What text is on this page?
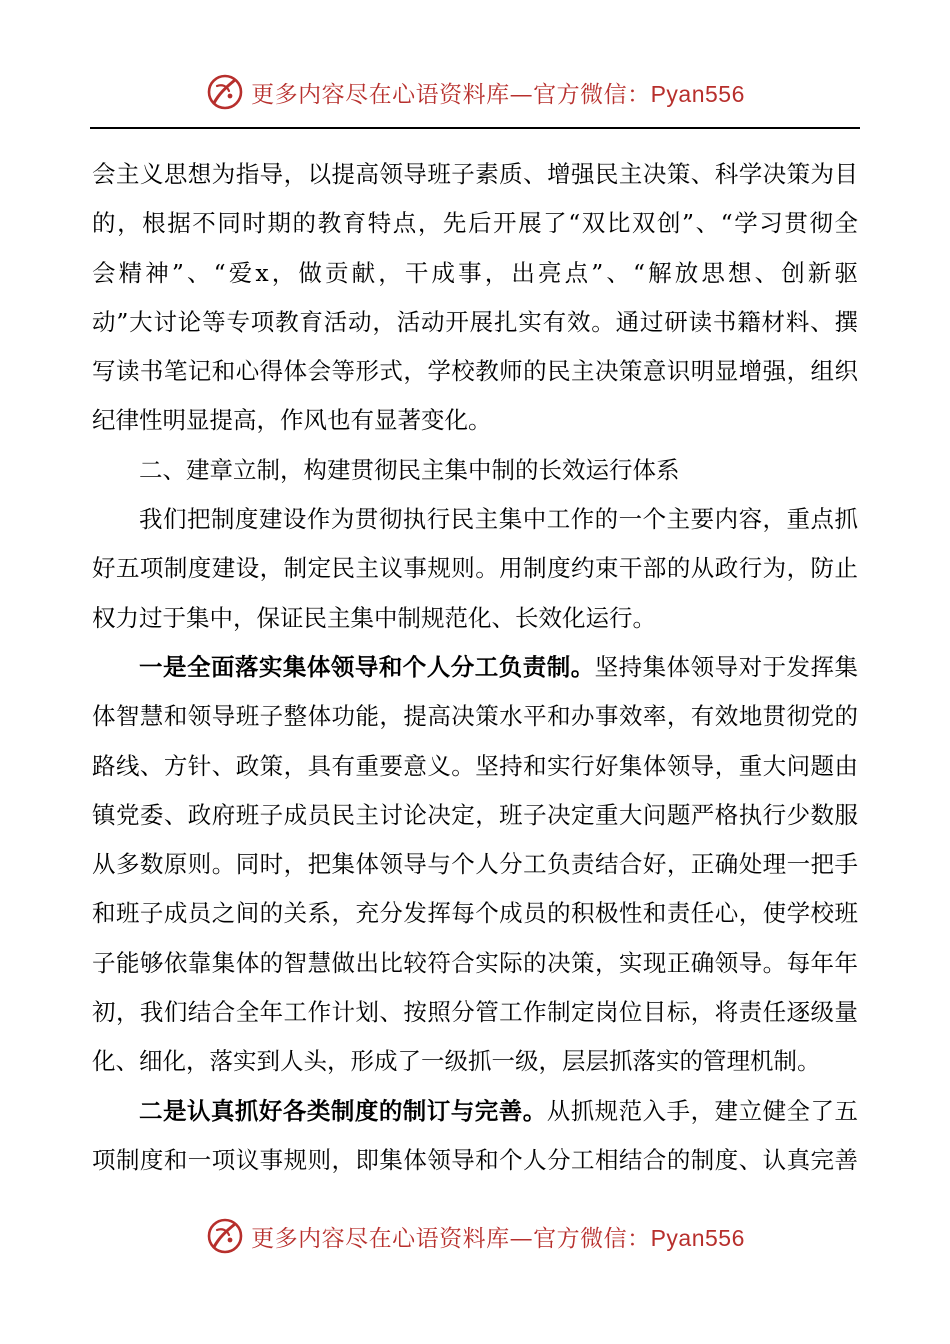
更多内容尽在心语资料库—官方微信：Pyan556
会主义思想为指导，以提高领导班子素质、增强民主决策、科学决策为目
的，根据不同时期的教育特点，先后开展了“双比双创”、“学习贯彻全
会精神”、“爱x，做贡献，干成事，出亮点”、“解放思想、创新驱
动”大讨论等专项教育活动，活动开展扎实有效。通过研读书籍材料、撰
写读书笔记和心得体会等形式，学校教师的民主决策意识明显增强，组织
纪律性明显提高，作风也有显著变化。
二、建章立制，构建贯彻民主集中制的长效运行体系
我们把制度建设作为贯彻执行民主集中工作的一个主要内容，重点抓
好五项制度建设，制定民主议事规则。用制度约束干部的从政行为，防止
权力过于集中，保证民主集中制规范化、长效化运行。
一是全面落实集体领导和个人分工负责制。坚持集体领导对于发挥集
体智慧和领导班子整体功能，提高决策水平和办事效率，有效地贯彻党的
路线、方针、政策，具有重要意义。坚持和实行好集体领导，重大问题由
镇党委、政府班子成员民主讨论决定，班子决定重大问题严格执行少数服
从多数原则。同时，把集体领导与个人分工负责结合好，正确处理一把手
和班子成员之间的关系，充分发挥每个成员的积极性和责任心，使学校班
子能够依靠集体的智慧做出比较符合实际的决策，实现正确领导。每年年
初，我们结合全年工作计划、按照分管工作制定岗位目标，将责任逐级量
化、细化，落实到人头，形成了一级抓一级，层层抓落实的管理机制。
二是认真抓好各类制度的制订与完善。从抓规范入手，建立健全了五
项制度和一项议事规则，即集体领导和个人分工相结合的制度、认真完善
更多内容尽在心语资料库—官方微信：Pyan556
